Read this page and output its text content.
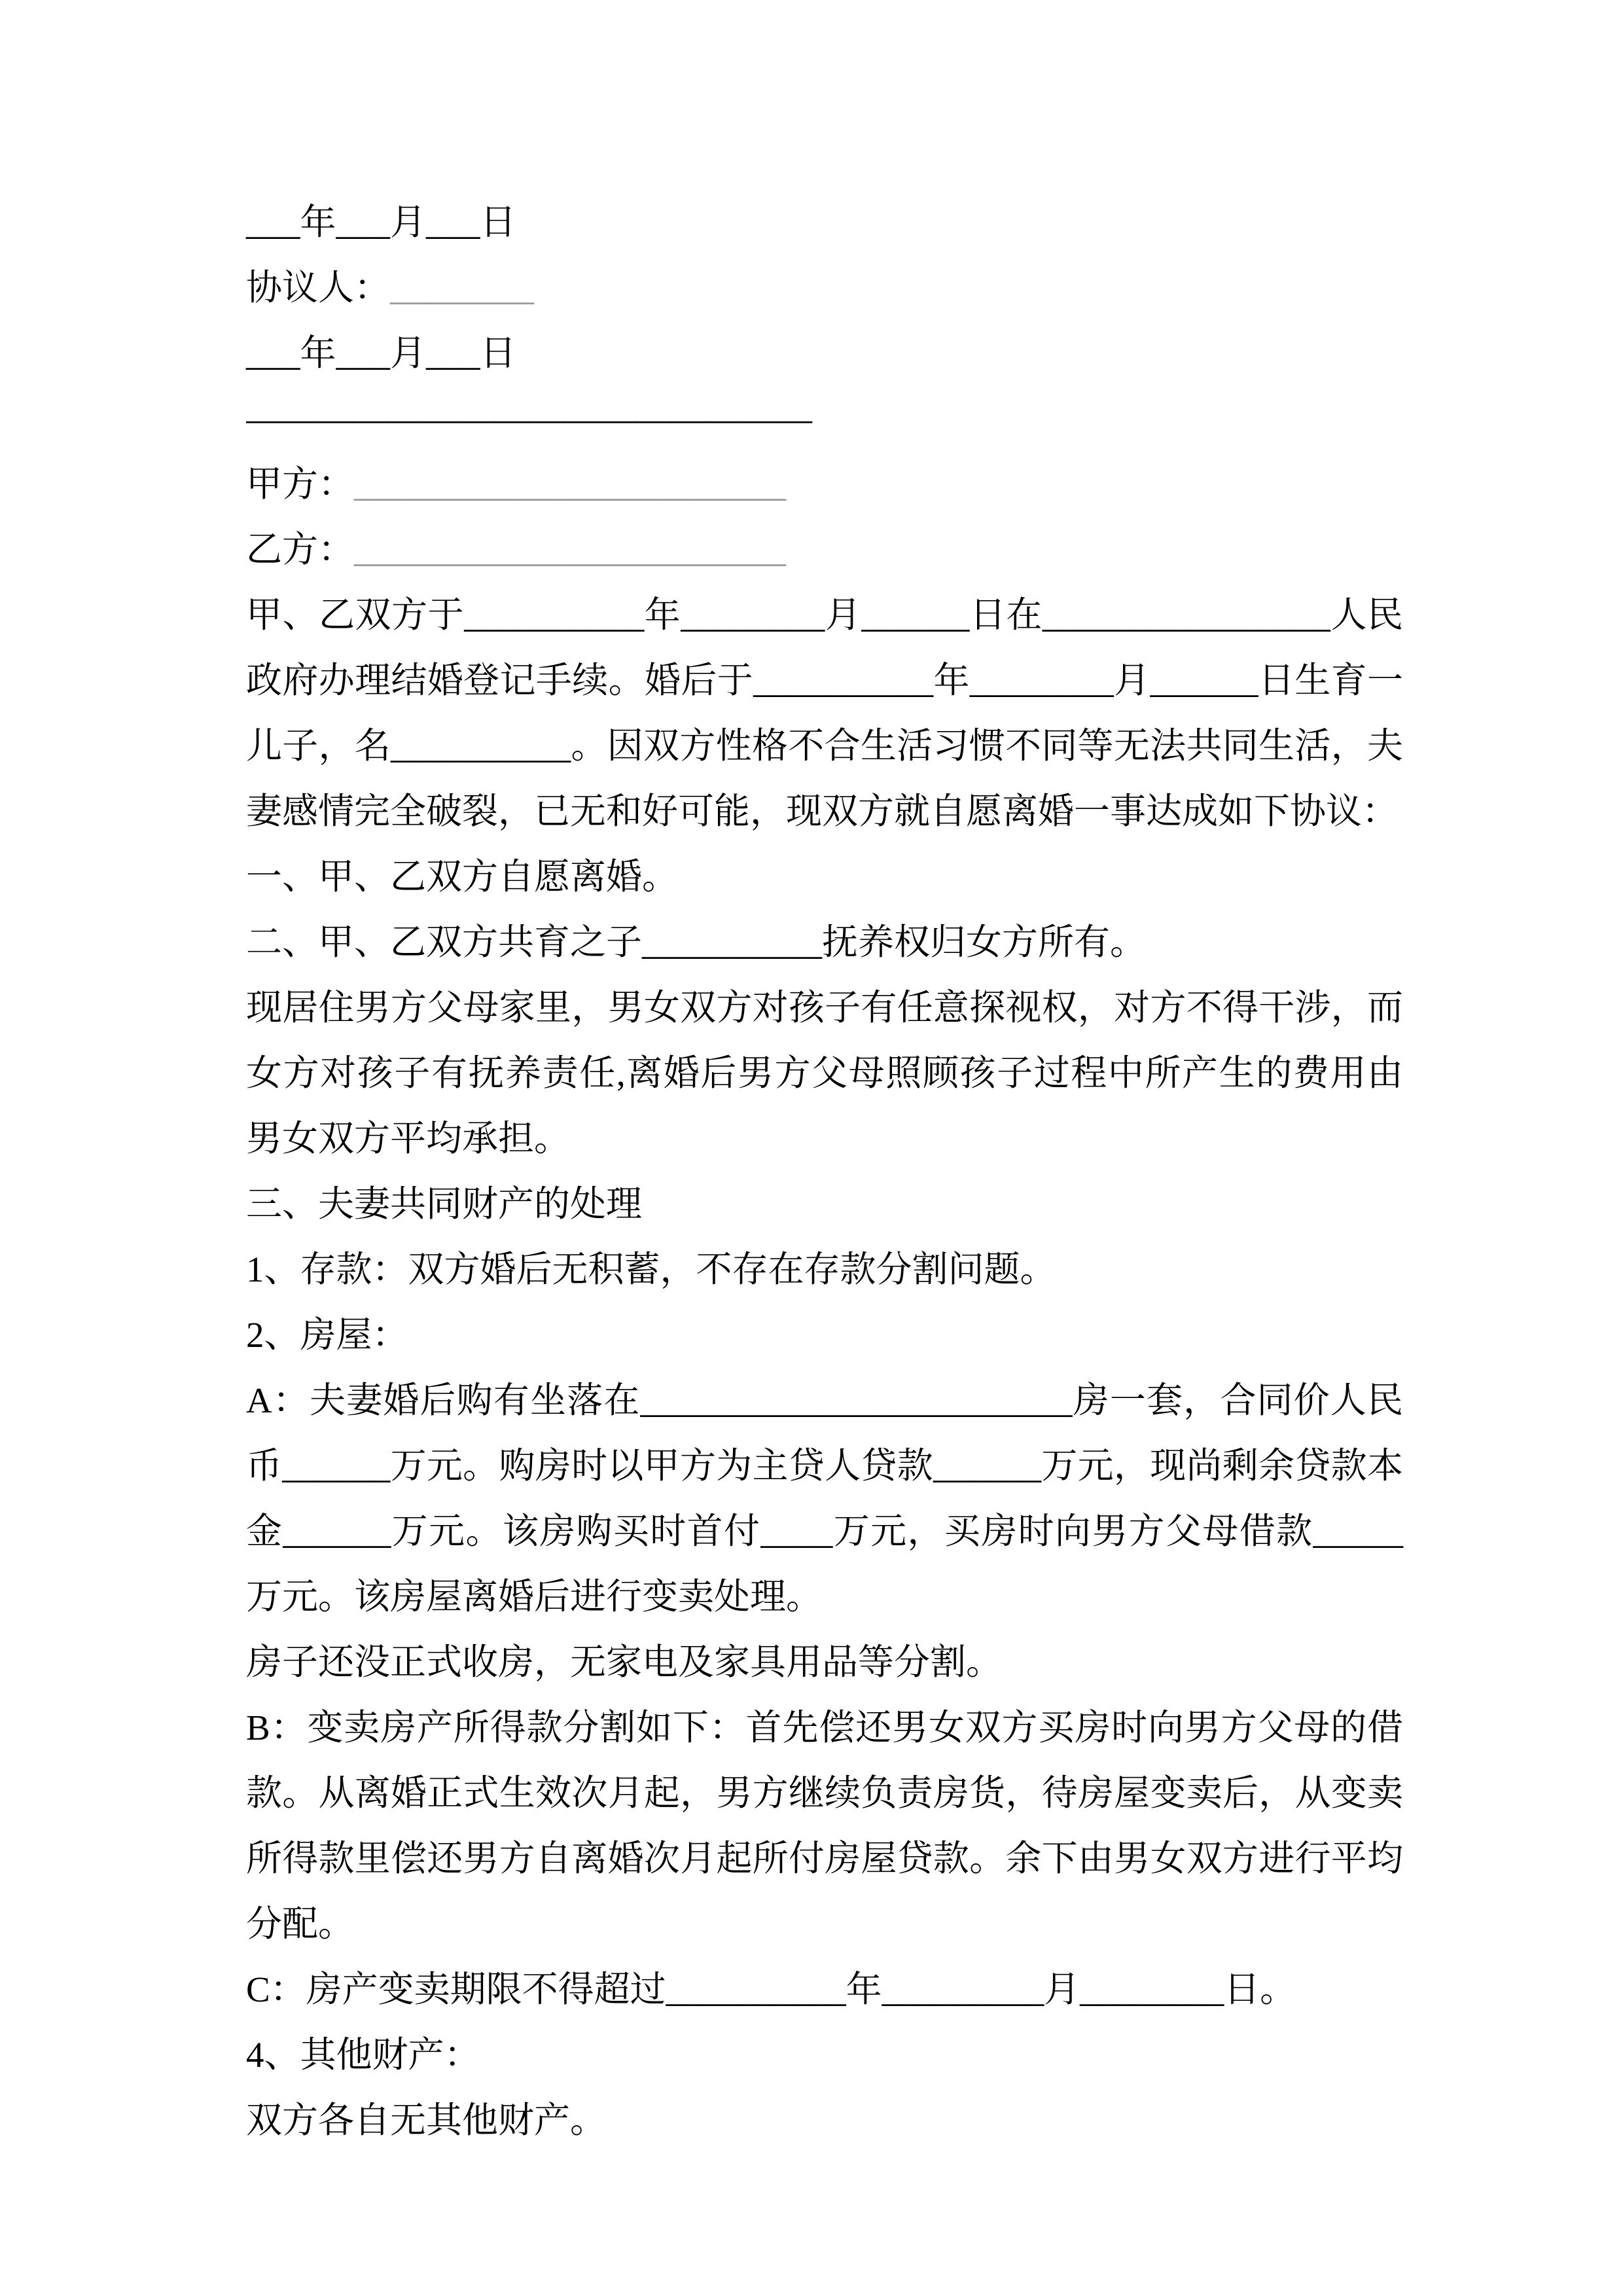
___年___月___日

协议人：________

___年___月___日

————————————————

甲方：________________________

乙方：________________________

甲、乙双方于__________年________月______日在________________人民政府办理结婚登记手续。婚后于__________年________月______日生育一儿子，名__________。因双方性格不合生活习惯不同等无法共同生活，夫妻感情完全破裂，已无和好可能，现双方就自愿离婚一事达成如下协议：

一、甲、乙双方自愿离婚。

二、甲、乙双方共育之子__________抚养权归女方所有。

现居住男方父母家里，男女双方对孩子有任意探视权，对方不得干涉，而女方对孩子有抚养责任,离婚后男方父母照顾孩子过程中所产生的费用由男女双方平均承担。

三、夫妻共同财产的处理

1、存款：双方婚后无积蓄，不存在存款分割问题。

2、房屋：

A：夫妻婚后购有坐落在________________________房一套，合同价人民币______万元。购房时以甲方为主贷人贷款______万元，现尚剩余贷款本金______万元。该房购买时首付____万元，买房时向男方父母借款_____万元。该房屋离婚后进行变卖处理。

房子还没正式收房，无家电及家具用品等分割。

B：变卖房产所得款分割如下：首先偿还男女双方买房时向男方父母的借款。从离婚正式生效次月起，男方继续负责房货，待房屋变卖后，从变卖所得款里偿还男方自离婚次月起所付房屋贷款。余下由男女双方进行平均分配。

C：房产变卖期限不得超过__________年_________月________日。

4、其他财产：

双方各自无其他财产。
